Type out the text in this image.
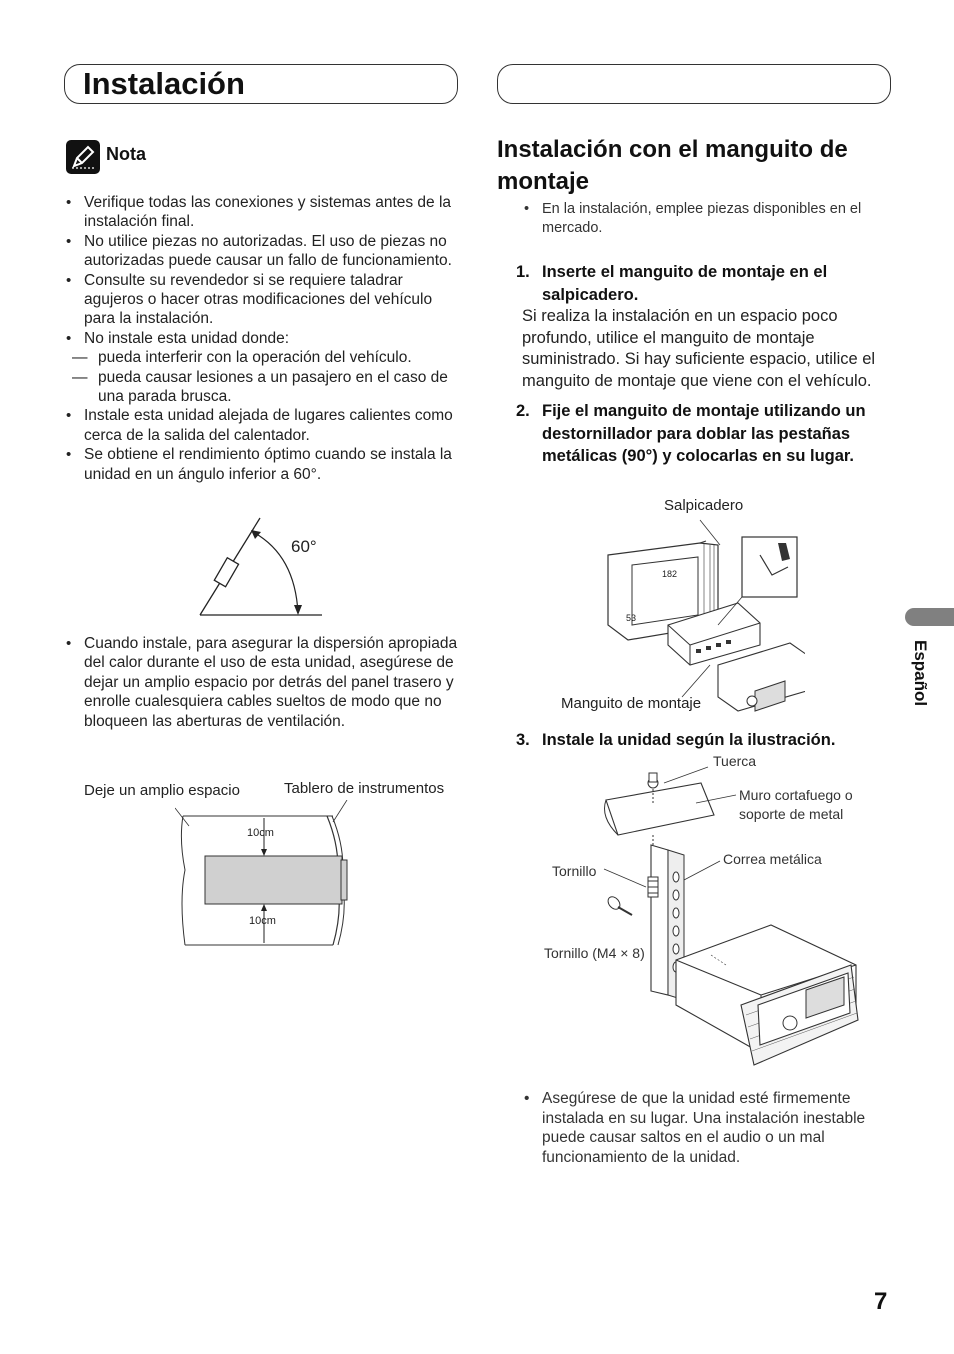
Instalación
Nota
• Verifique todas las conexiones y sistemas antes de la instalación final.
• No utilice piezas no autorizadas. El uso de piezas no autorizadas puede causar un fallo de funcionamiento.
• Consulte su revendedor si se requiere taladrar agujeros o hacer otras modificaciones del vehículo para la instalación.
• No instale esta unidad donde:
— pueda interferir con la operación del vehículo.
— pueda causar lesiones a un pasajero en el caso de una parada brusca.
• Instale esta unidad alejada de lugares calientes como cerca de la salida del calentador.
• Se obtiene el rendimiento óptimo cuando se instala la unidad en un ángulo inferior a 60°.
60°
• Cuando instale, para asegurar la dispersión apropiada del calor durante el uso de esta unidad, asegúrese de dejar un amplio espacio por detrás del panel trasero y enrolle cualesquiera cables sueltos de modo que no bloqueen las aberturas de ventilación.
Deje un amplio espacio	Tablero de instrumentos
10cm
10cm
Instalación con el manguito de montaje
• En la instalación, emplee piezas disponibles en el mercado.
1. Inserte el manguito de montaje en el salpicadero.
Si realiza la instalación en un espacio poco profundo, utilice el manguito de montaje suministrado. Si hay suficiente espacio, utilice el manguito de montaje que viene con el vehículo.
2. Fije el manguito de montaje utilizando un destornillador para doblar las pestañas metálicas (90°) y colocarlas en su lugar.
Salpicadero
182
53
Manguito de montaje
3. Instale la unidad según la ilustración.
Tuerca
Muro cortafuego o soporte de metal
Correa metálica
Tornillo
Tornillo (M4 × 8)
• Asegúrese de que la unidad esté firmemente instalada en su lugar. Una instalación inestable puede causar saltos en el audio o un mal funcionamiento de la unidad.
Español
7
